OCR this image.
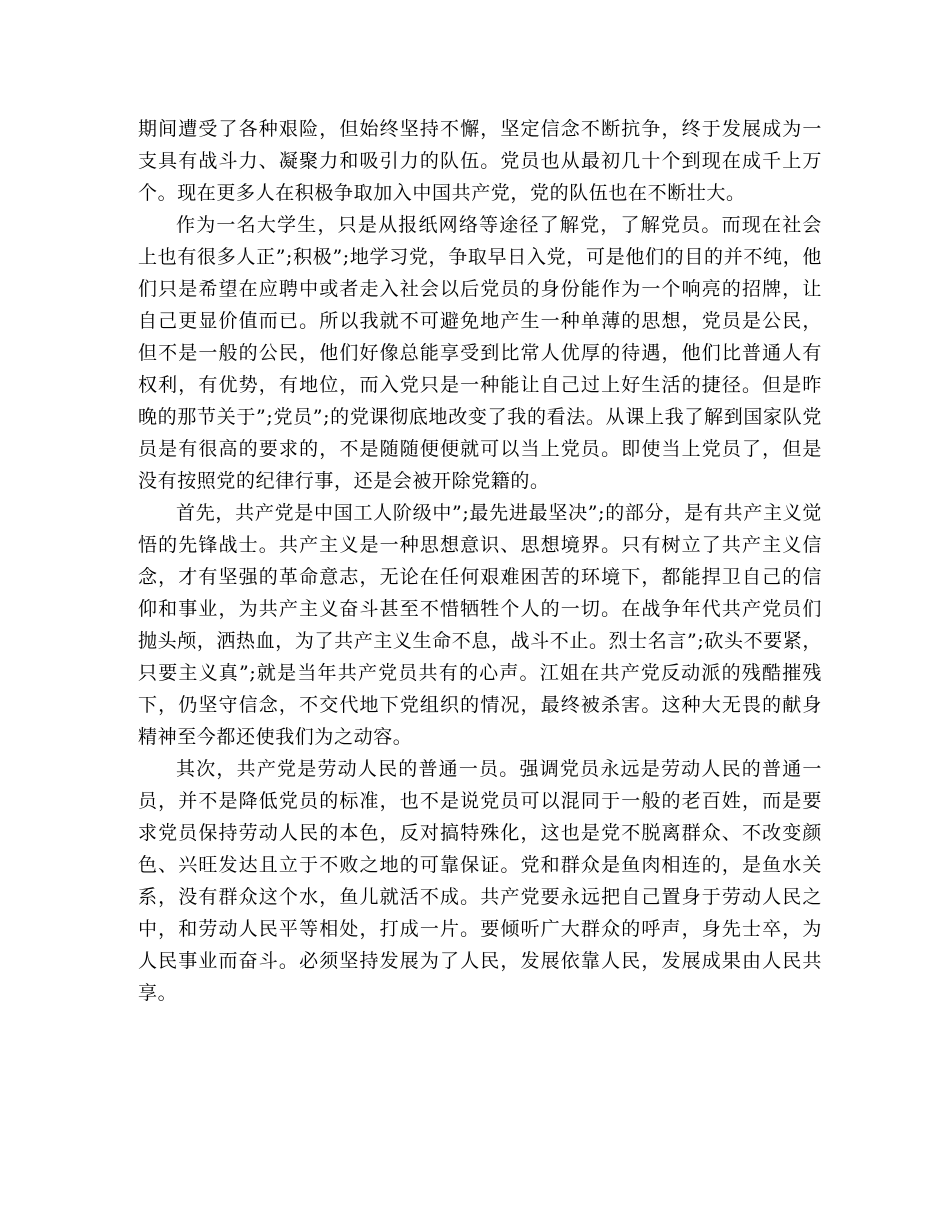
期间遭受了各种艰险，但始终坚持不懈，坚定信念不断抗争，终于发展成为一支具有战斗力、凝聚力和吸引力的队伍。党员也从最初几十个到现在成千上万个。现在更多人在积极争取加入中国共产党，党的队伍也在不断壮大。

作为一名大学生，只是从报纸网络等途径了解党，了解党员。而现在社会上也有很多人正”;积极”;地学习党，争取早日入党，可是他们的目的并不纯，他们只是希望在应聘中或者走入社会以后党员的身份能作为一个响亮的招牌，让自己更显价值而已。所以我就不可避免地产生一种单薄的思想，党员是公民，但不是一般的公民，他们好像总能享受到比常人优厚的待遇，他们比普通人有权利，有优势，有地位，而入党只是一种能让自己过上好生活的捷径。但是昨晚的那节关于”;党员”;的党课彻底地改变了我的看法。从课上我了解到国家队党员是有很高的要求的，不是随随便便就可以当上党员。即使当上党员了，但是没有按照党的纪律行事，还是会被开除党籍的。

首先，共产党是中国工人阶级中”;最先进最坚决”;的部分，是有共产主义觉悟的先锋战士。共产主义是一种思想意识、思想境界。只有树立了共产主义信念，才有坚强的革命意志，无论在任何艰难困苦的环境下，都能捍卫自己的信仰和事业，为共产主义奋斗甚至不惜牺牲个人的一切。在战争年代共产党员们抛头颅，洒热血，为了共产主义生命不息，战斗不止。烈士名言”;砍头不要紧，只要主义真”;就是当年共产党员共有的心声。江姐在共产党反动派的残酷摧残下，仍坚守信念，不交代地下党组织的情况，最终被杀害。这种大无畏的献身精神至今都还使我们为之动容。

其次，共产党是劳动人民的普通一员。强调党员永远是劳动人民的普通一员，并不是降低党员的标准，也不是说党员可以混同于一般的老百姓，而是要求党员保持劳动人民的本色，反对搞特殊化，这也是党不脱离群众、不改变颜色、兴旺发达且立于不败之地的可靠保证。党和群众是鱼肉相连的，是鱼水关系，没有群众这个水，鱼儿就活不成。共产党要永远把自己置身于劳动人民之中，和劳动人民平等相处，打成一片。要倾听广大群众的呼声，身先士卒，为人民事业而奋斗。必须坚持发展为了人民，发展依靠人民，发展成果由人民共享。
